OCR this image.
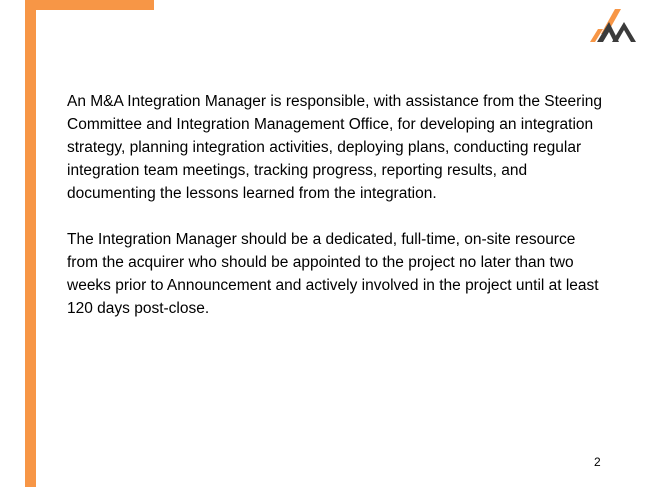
An M&A Integration Manager is responsible, with assistance from the Steering Committee and Integration Management Office, for developing an integration strategy, planning integration activities, deploying plans, conducting regular integration team meetings, tracking progress, reporting results, and documenting the lessons learned from the integration.

The Integration Manager should be a dedicated, full-time, on-site resource from the acquirer who should be appointed to the project no later than two weeks prior to Announcement and actively involved in the project until at least 120 days post-close.

2
